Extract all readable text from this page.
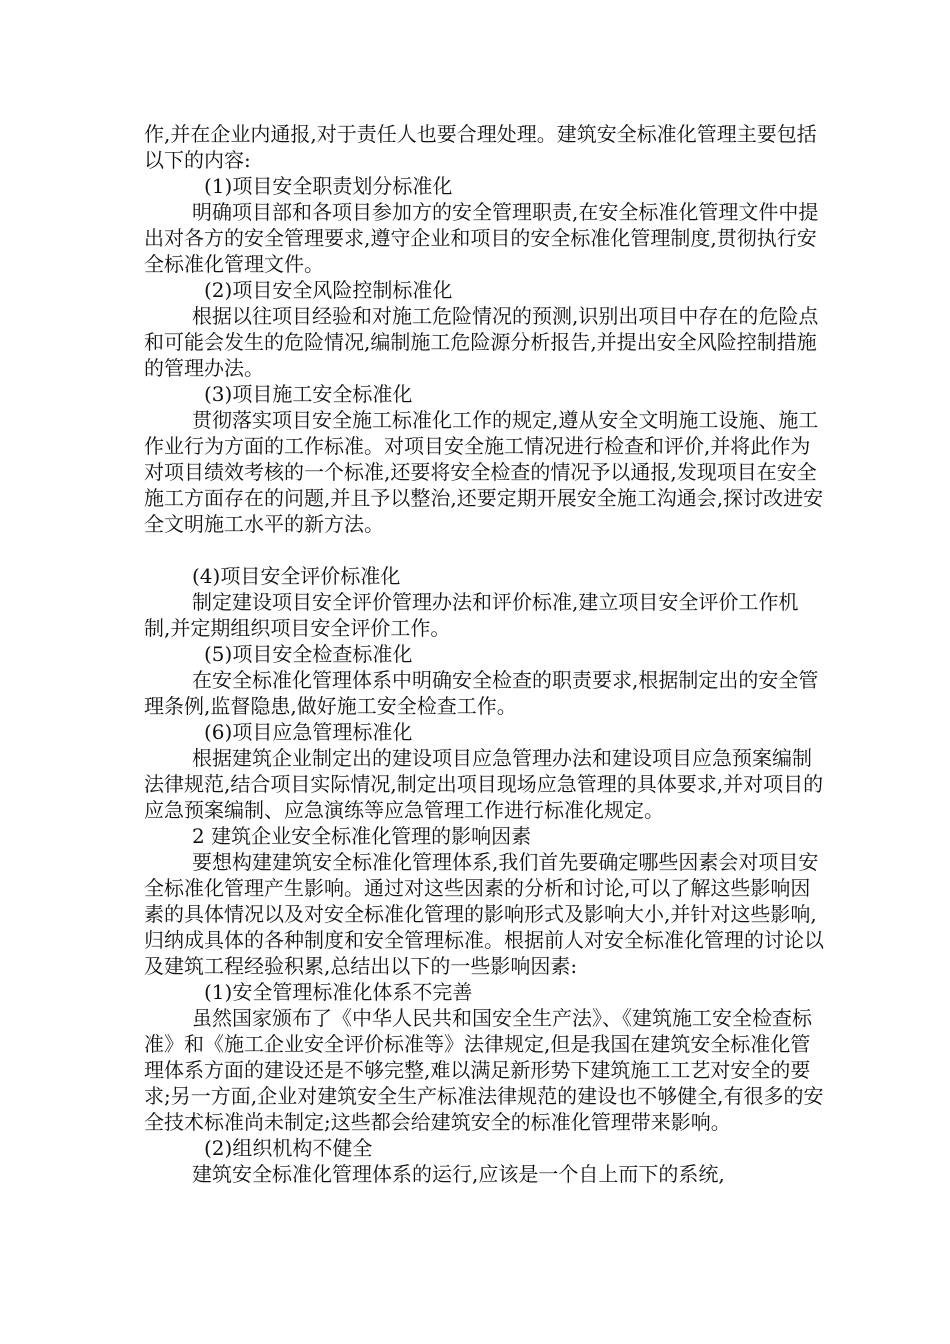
作,并在企业内通报,对于责任人也要合理处理。建筑安全标准化管理主要包括以下的内容:

(1)项目安全职责划分标准化

明确项目部和各项目参加方的安全管理职责,在安全标准化管理文件中提出对各方的安全管理要求,遵守企业和项目的安全标准化管理制度,贯彻执行安全标准化管理文件。

(2)项目安全风险控制标准化

根据以往项目经验和对施工危险情况的预测,识别出项目中存在的危险点和可能会发生的危险情况,编制施工危险源分析报告,并提出安全风险控制措施的管理办法。

(3)项目施工安全标准化

贯彻落实项目安全施工标准化工作的规定,遵从安全文明施工设施、施工作业行为方面的工作标准。对项目安全施工情况进行检查和评价,并将此作为对项目绩效考核的一个标准,还要将安全检查的情况予以通报,发现项目在安全施工方面存在的问题,并且予以整治,还要定期开展安全施工沟通会,探讨改进安全文明施工水平的新方法。

(4)项目安全评价标准化

制定建设项目安全评价管理办法和评价标准,建立项目安全评价工作机制,并定期组织项目安全评价工作。

(5)项目安全检查标准化

在安全标准化管理体系中明确安全检查的职责要求,根据制定出的安全管理条例,监督隐患,做好施工安全检查工作。

(6)项目应急管理标准化

根据建筑企业制定出的建设项目应急管理办法和建设项目应急预案编制法律规范,结合项目实际情况,制定出项目现场应急管理的具体要求,并对项目的应急预案编制、应急演练等应急管理工作进行标准化规定。

2 建筑企业安全标准化管理的影响因素

要想构建建筑安全标准化管理体系,我们首先要确定哪些因素会对项目安全标准化管理产生影响。通过对这些因素的分析和讨论,可以了解这些影响因素的具体情况以及对安全标准化管理的影响形式及影响大小,并针对这些影响,归纳成具体的各种制度和安全管理标准。根据前人对安全标准化管理的讨论以及建筑工程经验积累,总结出以下的一些影响因素:

(1)安全管理标准化体系不完善

虽然国家颁布了《中华人民共和国安全生产法》、《建筑施工安全检查标准》和《施工企业安全评价标准等》法律规定,但是我国在建筑安全标准化管理体系方面的建设还是不够完整,难以满足新形势下建筑施工工艺对安全的要求;另一方面,企业对建筑安全生产标准法律规范的建设也不够健全,有很多的安全技术标准尚未制定;这些都会给建筑安全的标准化管理带来影响。

(2)组织机构不健全

建筑安全标准化管理体系的运行,应该是一个自上而下的系统,
